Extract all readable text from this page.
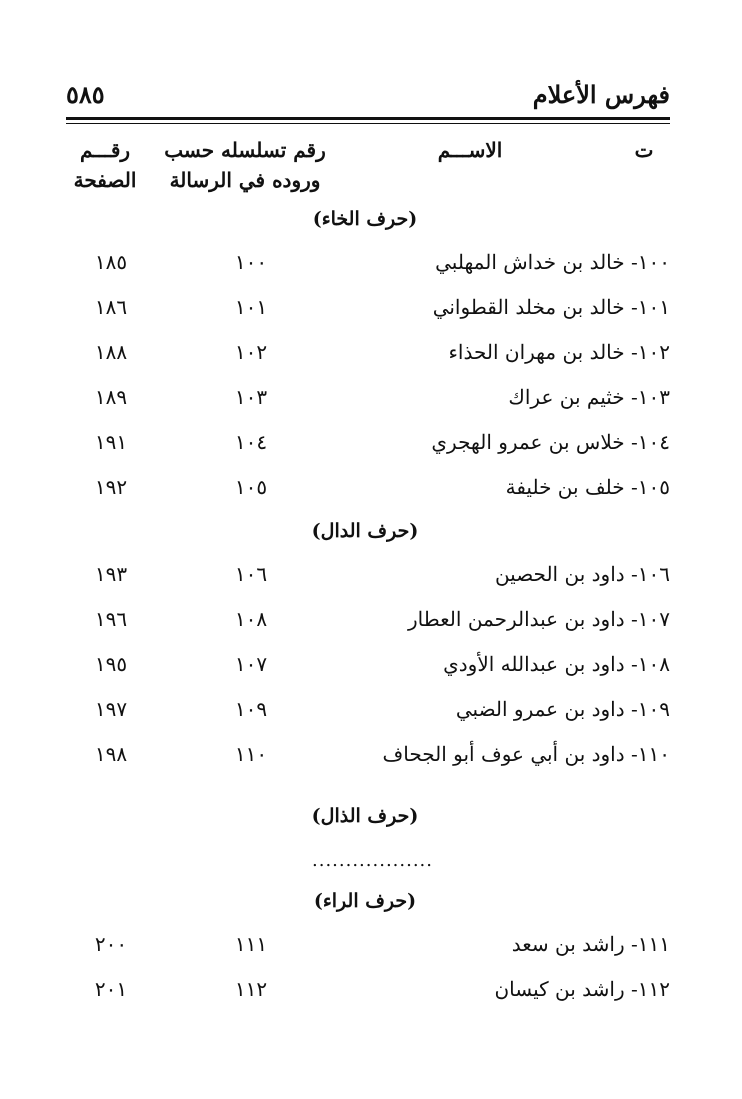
فهرس الأعلام
٥٨٥
ت
الاســـم
رقم تسلسله حسب
وروده في الرسالة
رقـــم
الصفحة
(حرف الخاء)
١٠٠- خالد بن خداش المهلبي
١٠٠
١٨٥
١٠١- خالد بن مخلد القطواني
١٠١
١٨٦
١٠٢- خالد بن مهران الحذاء
١٠٢
١٨٨
١٠٣- خثيم بن عراك
١٠٣
١٨٩
١٠٤- خلاس بن عمرو الهجري
١٠٤
١٩١
١٠٥- خلف بن خليفة
١٠٥
١٩٢
(حرف الدال)
١٠٦- داود بن الحصين
١٠٦
١٩٣
١٠٧- داود بن عبدالرحمن العطار
١٠٨
١٩٦
١٠٨- داود بن عبدالله الأودي
١٠٧
١٩٥
١٠٩- داود بن عمرو الضبي
١٠٩
١٩٧
١١٠- داود بن أبي عوف أبو الجحاف
١١٠
١٩٨
(حرف الذال)
..................
(حرف الراء)
١١١- راشد بن سعد
١١١
٢٠٠
١١٢- راشد بن كيسان
١١٢
٢٠١
